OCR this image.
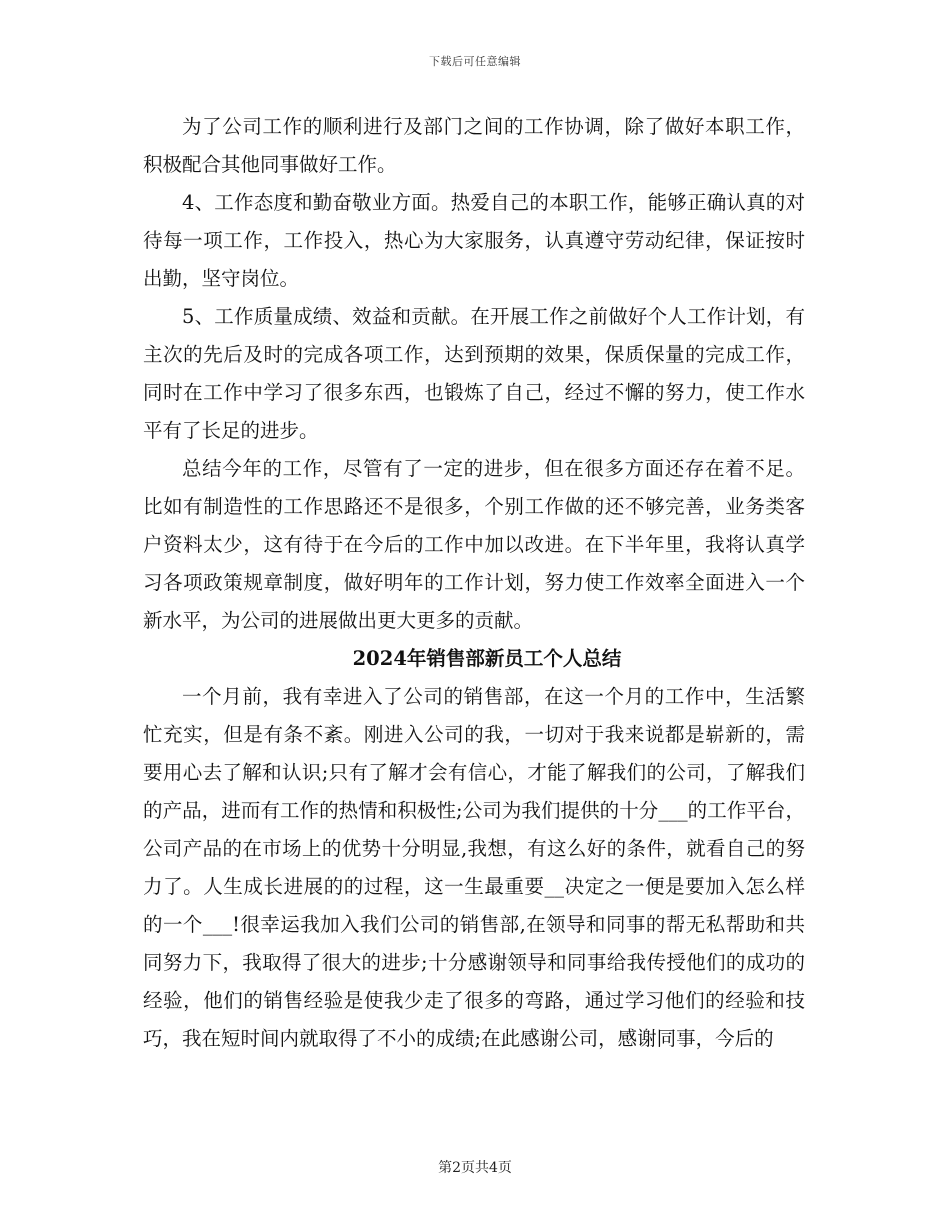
下载后可任意编辑

为了公司工作的顺利进行及部门之间的工作协调，除了做好本职工作，积极配合其他同事做好工作。

4、工作态度和勤奋敬业方面。热爱自己的本职工作，能够正确认真的对待每一项工作，工作投入，热心为大家服务，认真遵守劳动纪律，保证按时出勤，坚守岗位。

5、工作质量成绩、效益和贡献。在开展工作之前做好个人工作计划，有主次的先后及时的完成各项工作，达到预期的效果，保质保量的完成工作，同时在工作中学习了很多东西，也锻炼了自己，经过不懈的努力，使工作水平有了长足的进步。

总结今年的工作，尽管有了一定的进步，但在很多方面还存在着不足。比如有制造性的工作思路还不是很多，个别工作做的还不够完善，业务类客户资料太少，这有待于在今后的工作中加以改进。在下半年里，我将认真学习各项政策规章制度，做好明年的工作计划，努力使工作效率全面进入一个新水平，为公司的进展做出更大更多的贡献。

2024年销售部新员工个人总结

一个月前，我有幸进入了公司的销售部，在这一个月的工作中，生活繁忙充实，但是有条不紊。刚进入公司的我，一切对于我来说都是崭新的，需要用心去了解和认识;只有了解才会有信心，才能了解我们的公司，了解我们的产品，进而有工作的热情和积极性;公司为我们提供的十分___的工作平台，公司产品的在市场上的优势十分明显,我想，有这么好的条件，就看自己的努力了。人生成长进展的的过程，这一生最重要__决定之一便是要加入怎么样的一个___!很幸运我加入我们公司的销售部,在领导和同事的帮无私帮助和共同努力下，我取得了很大的进步;十分感谢领导和同事给我传授他们的成功的经验，他们的销售经验是使我少走了很多的弯路，通过学习他们的经验和技巧，我在短时间内就取得了不小的成绩;在此感谢公司，感谢同事，今后的

第2页共4页
